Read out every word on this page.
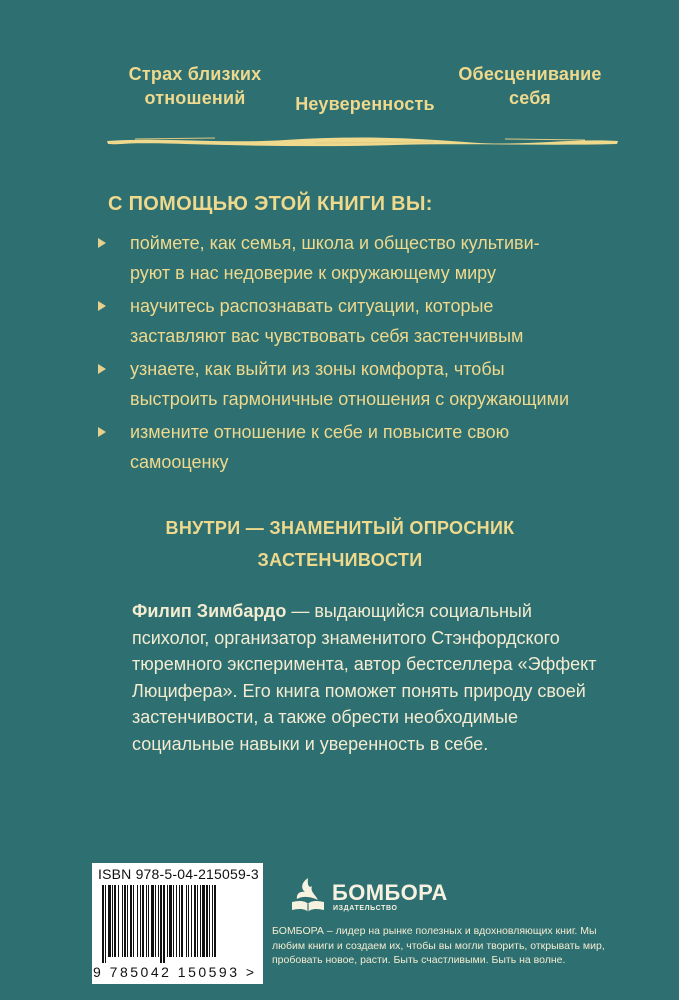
Страх близких отношений	Неуверенность
Обесценивание себя
С ПОМОЩЬЮ ЭТОЙ КНИГИ ВЫ:
поймете, как семья, школа и общество культиви-
руют в нас недоверие к окружающему миру
научитесь распознавать ситуации, которые
заставляют вас чувствовать себя застенчивым
узнаете, как выйти из зоны комфорта, чтобы
выстроить гармоничные отношения с окружающими
измените отношение к себе и повысите свою
самооценку
ВНУТРИ — ЗНАМЕНИТЫЙ ОПРОСНИК
ЗАСТЕНЧИВОСТИ
Филип Зимбардо — выдающийся социальный психолог, организатор знаменитого Стэнфордского тюремного эксперимента, автор бестселлера «Эффект Люцифера». Его книга поможет понять природу своей застенчивости, а также обрести необходимые социальные навыки и уверенность в себе.
ISBN 978-5-04-215059-3
9 785042 150593 >
БОМБОРА
ИЗДАТЕЛЬСТВО
БОМБОРА – лидер на рынке полезных и вдохновляющих книг. Мы любим книги и создаем их, чтобы вы могли творить, открывать мир, пробовать новое, расти. Быть счастливыми. Быть на волне.
